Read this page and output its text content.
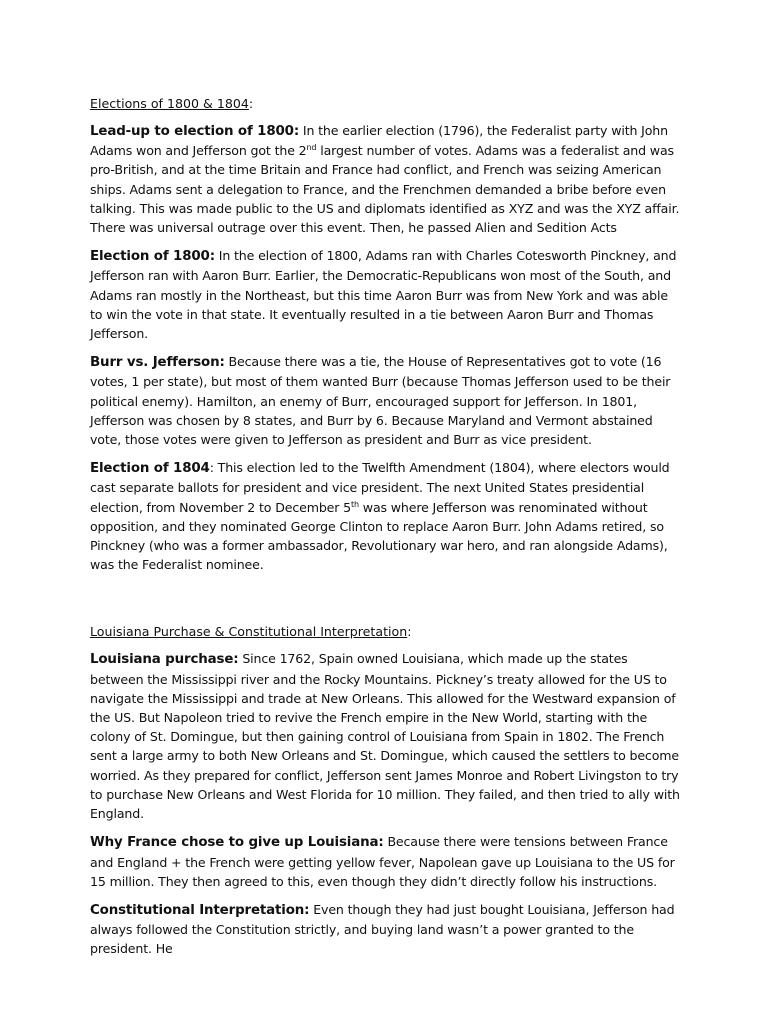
Elections of 1800 & 1804:

Lead-up to election of 1800: In the earlier election (1796), the Federalist party with John Adams won and Jefferson got the 2nd largest number of votes. Adams was a federalist and was pro-British, and at the time Britain and France had conflict, and French was seizing American ships. Adams sent a delegation to France, and the Frenchmen demanded a bribe before even talking. This was made public to the US and diplomats identified as XYZ and was the XYZ affair. There was universal outrage over this event. Then, he passed Alien and Sedition Acts

Election of 1800: In the election of 1800, Adams ran with Charles Cotesworth Pinckney, and Jefferson ran with Aaron Burr. Earlier, the Democratic-Republicans won most of the South, and Adams ran mostly in the Northeast, but this time Aaron Burr was from New York and was able to win the vote in that state. It eventually resulted in a tie between Aaron Burr and Thomas Jefferson.

Burr vs. Jefferson: Because there was a tie, the House of Representatives got to vote (16 votes, 1 per state), but most of them wanted Burr (because Thomas Jefferson used to be their political enemy). Hamilton, an enemy of Burr, encouraged support for Jefferson. In 1801, Jefferson was chosen by 8 states, and Burr by 6. Because Maryland and Vermont abstained vote, those votes were given to Jefferson as president and Burr as vice president.

Election of 1804: This election led to the Twelfth Amendment (1804), where electors would cast separate ballots for president and vice president. The next United States presidential election, from November 2 to December 5th was where Jefferson was renominated without opposition, and they nominated George Clinton to replace Aaron Burr. John Adams retired, so Pinckney (who was a former ambassador, Revolutionary war hero, and ran alongside Adams), was the Federalist nominee.

Louisiana Purchase & Constitutional Interpretation:

Louisiana purchase: Since 1762, Spain owned Louisiana, which made up the states between the Mississippi river and the Rocky Mountains. Pickney’s treaty allowed for the US to navigate the Mississippi and trade at New Orleans. This allowed for the Westward expansion of the US. But Napoleon tried to revive the French empire in the New World, starting with the colony of St. Domingue, but then gaining control of Louisiana from Spain in 1802. The French sent a large army to both New Orleans and St. Domingue, which caused the settlers to become worried. As they prepared for conflict, Jefferson sent James Monroe and Robert Livingston to try to purchase New Orleans and West Florida for 10 million. They failed, and then tried to ally with England.

Why France chose to give up Louisiana: Because there were tensions between France and England + the French were getting yellow fever, Napolean gave up Louisiana to the US for 15 million. They then agreed to this, even though they didn’t directly follow his instructions.

Constitutional Interpretation: Even though they had just bought Louisiana, Jefferson had always followed the Constitution strictly, and buying land wasn’t a power granted to the president. He
